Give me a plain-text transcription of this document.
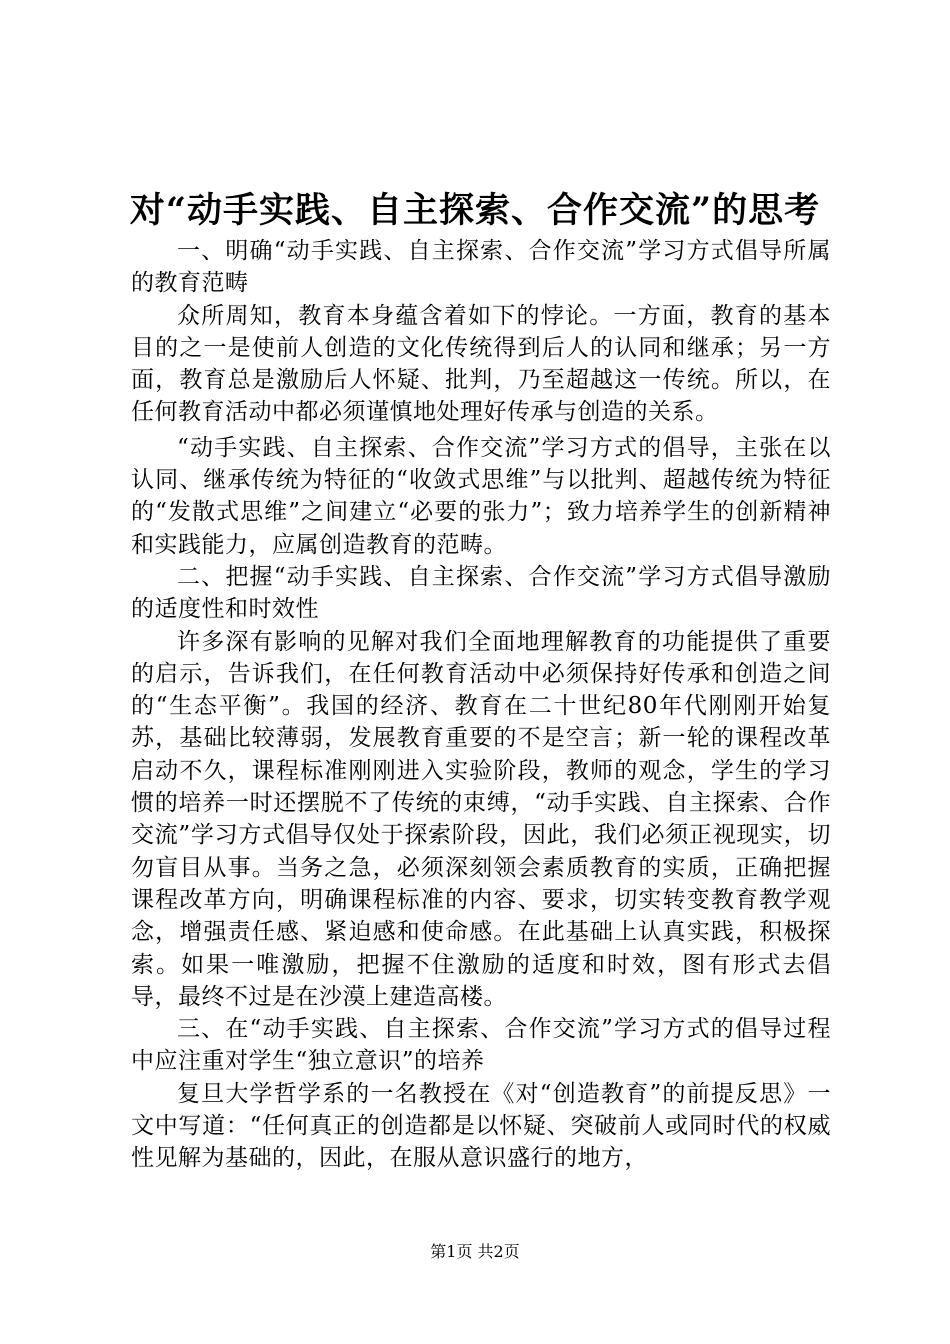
对“动手实践、自主探索、合作交流”的思考

一、明确“动手实践、自主探索、合作交流”学习方式倡导所属的教育范畴

众所周知，教育本身蕴含着如下的悖论。一方面，教育的基本目的之一是使前人创造的文化传统得到后人的认同和继承；另一方面，教育总是激励后人怀疑、批判，乃至超越这一传统。所以，在任何教育活动中都必须谨慎地处理好传承与创造的关系。

“动手实践、自主探索、合作交流”学习方式的倡导，主张在以认同、继承传统为特征的“收敛式思维”与以批判、超越传统为特征的“发散式思维”之间建立“必要的张力”；致力培养学生的创新精神和实践能力，应属创造教育的范畴。

二、把握“动手实践、自主探索、合作交流”学习方式倡导激励的适度性和时效性

许多深有影响的见解对我们全面地理解教育的功能提供了重要的启示，告诉我们，在任何教育活动中必须保持好传承和创造之间的“生态平衡”。我国的经济、教育在二十世纪80年代刚刚开始复苏，基础比较薄弱，发展教育重要的不是空言；新一轮的课程改革启动不久，课程标准刚刚进入实验阶段，教师的观念，学生的学习惯的培养一时还摆脱不了传统的束缚，“动手实践、自主探索、合作交流”学习方式倡导仅处于探索阶段，因此，我们必须正视现实，切勿盲目从事。当务之急，必须深刻领会素质教育的实质，正确把握课程改革方向，明确课程标准的内容、要求，切实转变教育教学观念，增强责任感、紧迫感和使命感。在此基础上认真实践，积极探索。如果一唯激励，把握不住激励的适度和时效，图有形式去倡导，最终不过是在沙漠上建造高楼。

三、在“动手实践、自主探索、合作交流”学习方式的倡导过程中应注重对学生“独立意识”的培养

复旦大学哲学系的一名教授在《对“创造教育”的前提反思》一文中写道：“任何真正的创造都是以怀疑、突破前人或同时代的权威性见解为基础的，因此，在服从意识盛行的地方，

第1页 共2页
